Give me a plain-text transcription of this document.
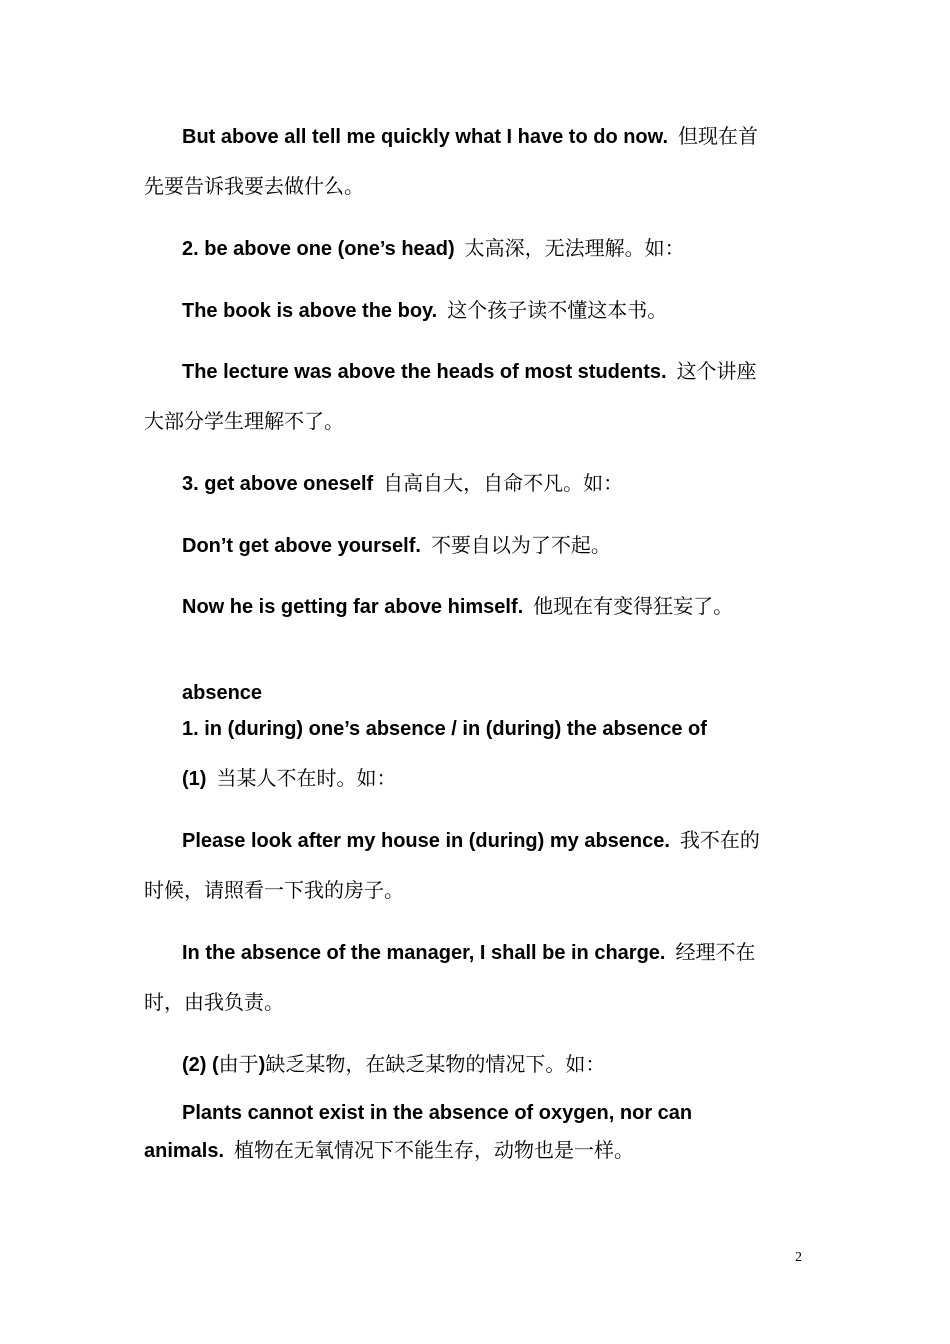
But above all tell me quickly what I have to do now. 但现在首
先要告诉我要去做什么。
2. be above one (one’s head) 太高深，无法理解。如：
The book is above the boy. 这个孩子读不懂这本书。
The lecture was above the heads of most students. 这个讲座
大部分学生理解不了。
3. get above oneself 自高自大，自命不凡。如：
Don’t get above yourself. 不要自以为了不起。
Now he is getting far above himself. 他现在有变得狂妄了。
absence
1. in (during) one’s absence / in (during) the absence of
(1) 当某人不在时。如：
Please look after my house in (during) my absence. 我不在的
时候，请照看一下我的房子。
In the absence of the manager, I shall be in charge. 经理不在
时，由我负责。
(2) (由于)缺乏某物，在缺乏某物的情况下。如：
Plants cannot exist in the absence of oxygen, nor can
animals. 植物在无氧情况下不能生存，动物也是一样。
2
